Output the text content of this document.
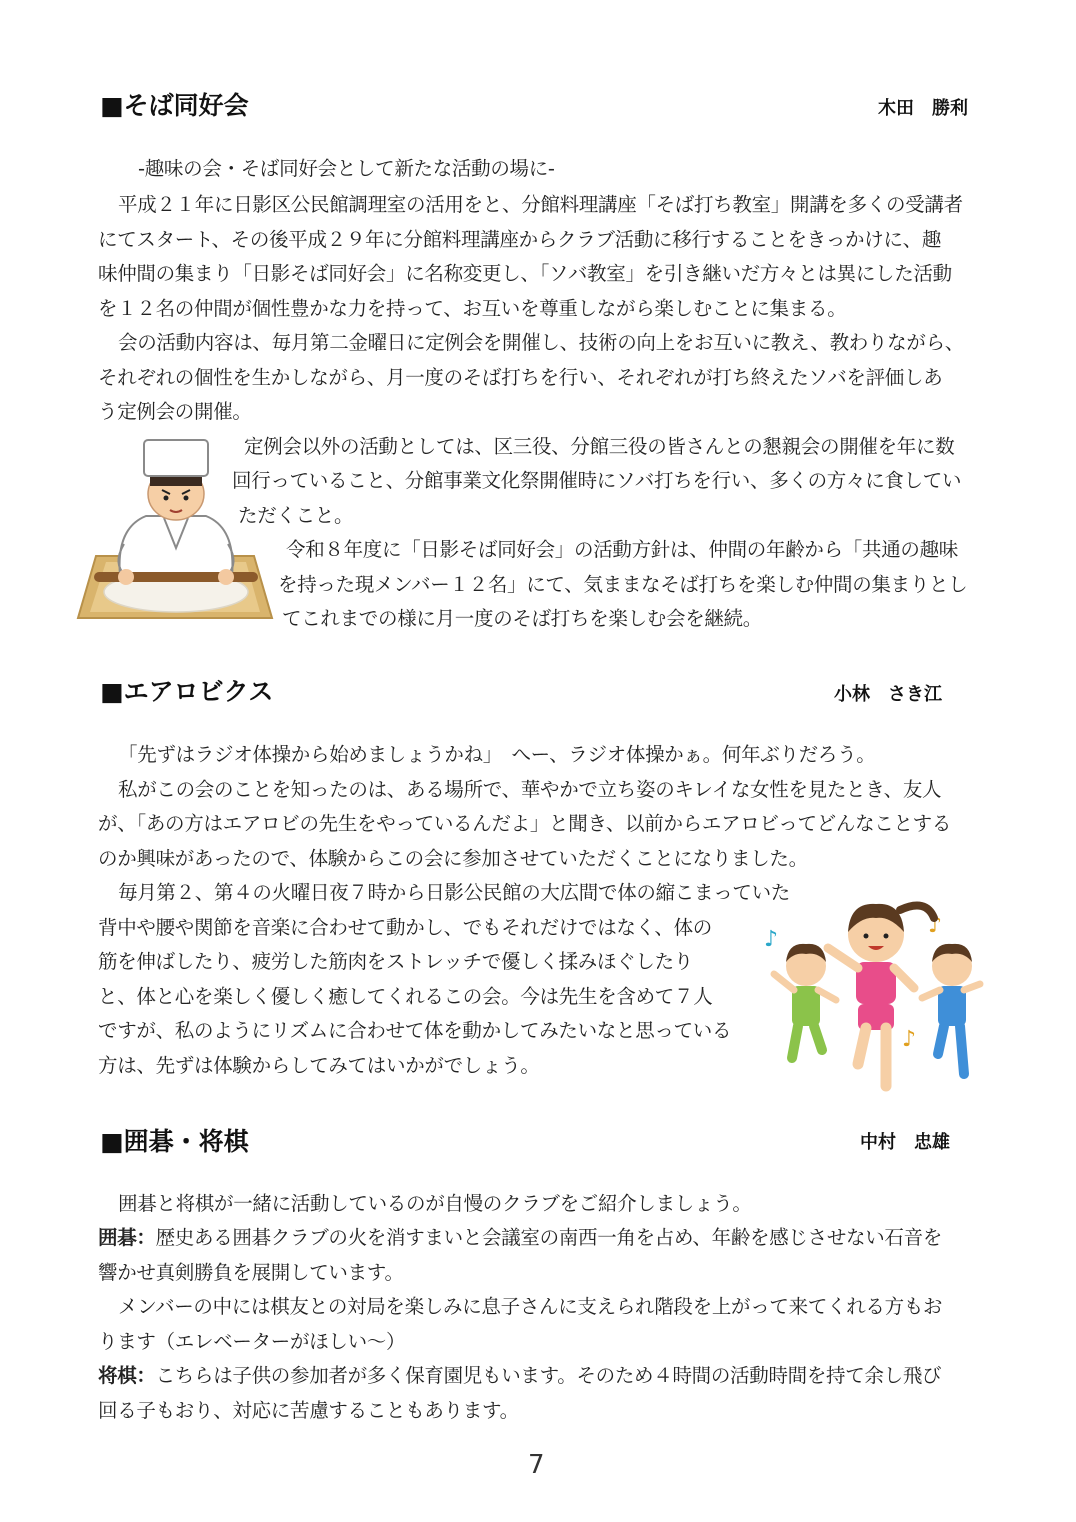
■そば同好会	木田　勝利
-趣味の会・そば同好会として新たな活動の場に-
平成２１年に日影区公民館調理室の活用をと、分館料理講座「そば打ち教室」開講を多くの受講者
にてスタート、その後平成２９年に分館料理講座からクラブ活動に移行することをきっかけに、趣
味仲間の集まり「日影そば同好会」に名称変更し、「ソバ教室」を引き継いだ方々とは異にした活動
を１２名の仲間が個性豊かな力を持って、お互いを尊重しながら楽しむことに集まる。
会の活動内容は、毎月第二金曜日に定例会を開催し、技術の向上をお互いに教え、教わりながら、
それぞれの個性を生かしながら、月一度のそば打ちを行い、それぞれが打ち終えたソバを評価しあ
う定例会の開催。
定例会以外の活動としては、区三役、分館三役の皆さんとの懇親会の開催を年に数
回行っていること、分館事業文化祭開催時にソバ打ちを行い、多くの方々に食してい
ただくこと。
令和８年度に「日影そば同好会」の活動方針は、仲間の年齢から「共通の趣味
を持った現メンバー１２名」にて、気ままなそば打ちを楽しむ仲間の集まりとし
てこれまでの様に月一度のそば打ちを楽しむ会を継続。
■エアロビクス	小林　さき江
「先ずはラジオ体操から始めましょうかね」　へー、ラジオ体操かぁ。何年ぶりだろう。
私がこの会のことを知ったのは、ある場所で、華やかで立ち姿のキレイな女性を見たとき、友人
が、「あの方はエアロビの先生をやっているんだよ」と聞き、以前からエアロビってどんなことする
のか興味があったので、体験からこの会に参加させていただくことになりました。
毎月第２、第４の火曜日夜７時から日影公民館の大広間で体の縮こまっていた
背中や腰や関節を音楽に合わせて動かし、でもそれだけではなく、体の
筋を伸ばしたり、疲労した筋肉をストレッチで優しく揉みほぐしたり
と、体と心を楽しく優しく癒してくれるこの会。今は先生を含めて７人
ですが、私のようにリズムに合わせて体を動かしてみたいなと思っている
方は、先ずは体験からしてみてはいかがでしょう。
♪
♪
♪
■囲碁・将棋	中村　忠雄
囲碁と将棋が一緒に活動しているのが自慢のクラブをご紹介しましょう。
囲碁：歴史ある囲碁クラブの火を消すまいと会議室の南西一角を占め、年齢を感じさせない石音を
響かせ真剣勝負を展開しています。
メンバーの中には棋友との対局を楽しみに息子さんに支えられ階段を上がって来てくれる方もお
ります（エレベーターがほしい～）
将棋：こちらは子供の参加者が多く保育園児もいます。そのため４時間の活動時間を持て余し飛び
回る子もおり、対応に苦慮することもあります。
7
